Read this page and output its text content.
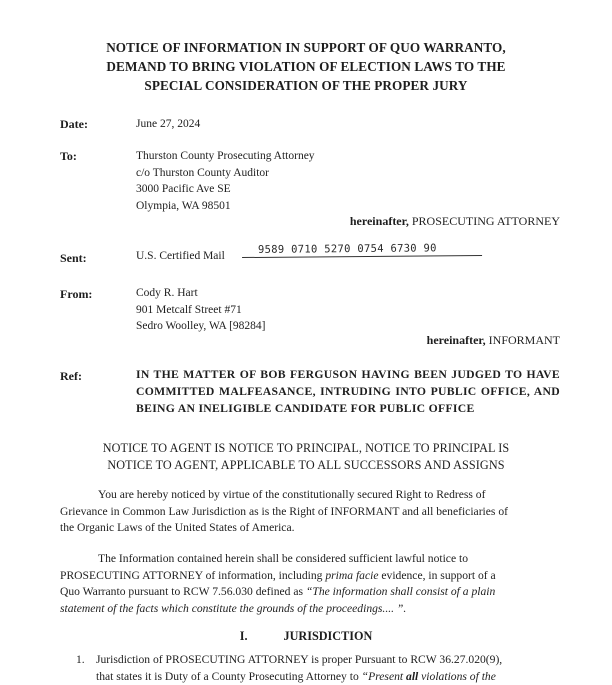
NOTICE OF INFORMATION IN SUPPORT OF QUO WARRANTO,
DEMAND TO BRING VIOLATION OF ELECTION LAWS TO THE
SPECIAL CONSIDERATION OF THE PROPER JURY
Date:	June 27, 2024
To:	Thurston County Prosecuting Attorney
c/o Thurston County Auditor
3000 Pacific Ave SE
Olympia, WA 98501
hereinafter, PROSECUTING ATTORNEY
Sent:	U.S. Certified Mail
9589 0710 5270 0754 6730 90
From:	Cody R. Hart
901 Metcalf Street #71
Sedro Woolley, WA [98284]
hereinafter, INFORMANT
Ref:	IN THE MATTER OF BOB FERGUSON HAVING BEEN JUDGED TO HAVE COMMITTED MALFEASANCE, INTRUDING INTO PUBLIC OFFICE, AND BEING AN INELIGIBLE CANDIDATE FOR PUBLIC OFFICE
NOTICE TO AGENT IS NOTICE TO PRINCIPAL, NOTICE TO PRINCIPAL IS
NOTICE TO AGENT, APPLICABLE TO ALL SUCCESSORS AND ASSIGNS
You are hereby noticed by virtue of the constitutionally secured Right to Redress of
Grievance in Common Law Jurisdiction as is the Right of INFORMANT and all beneficiaries of
the Organic Laws of the United States of America.
The Information contained herein shall be considered sufficient lawful notice to
PROSECUTING ATTORNEY of information, including prima facie evidence, in support of a
Quo Warranto pursuant to RCW 7.56.030 defined as “The information shall consist of a plain
statement of the facts which constitute the grounds of the proceedings.... ”.
I.	JURISDICTION
1. Jurisdiction of PROSECUTING ATTORNEY is proper Pursuant to RCW 36.27.020(9),
that states it is Duty of a County Prosecuting Attorney to “Present all violations of the
